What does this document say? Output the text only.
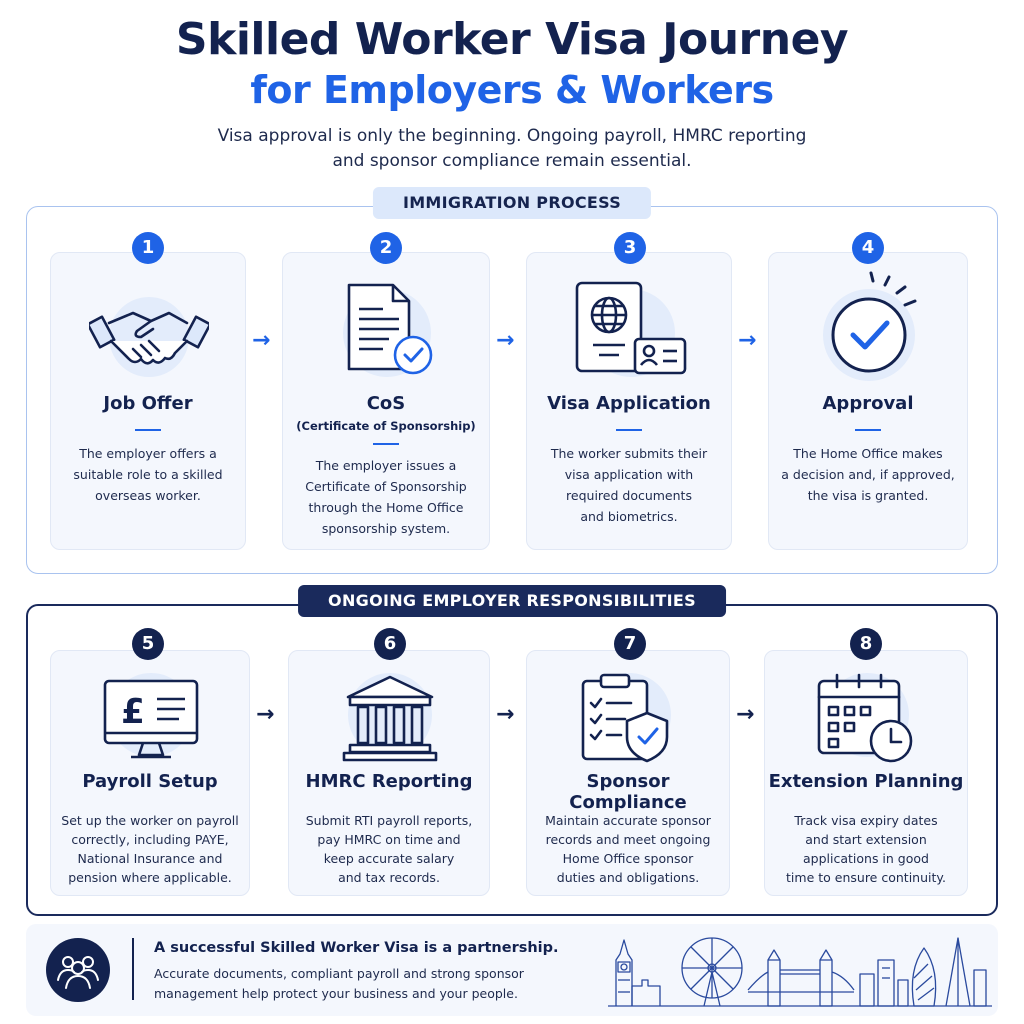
Skilled Worker Visa Journey
for Employers & Workers
Visa approval is only the beginning. Ongoing payroll, HMRC reporting
and sponsor compliance remain essential.
IMMIGRATION PROCESS
Job Offer
The employer offers a
suitable role to a skilled
overseas worker.
1
→
CoS
(Certificate of Sponsorship)
The employer issues a
Certificate of Sponsorship
through the Home Office
sponsorship system.
2
→
Visa Application
The worker submits their
visa application with
required documents
and biometrics.
3
→
Approval
The Home Office makes
a decision and, if approved,
the visa is granted.
4
ONGOING EMPLOYER RESPONSIBILITIES
£
Payroll Setup
Set up the worker on payroll
correctly, including PAYE,
National Insurance and
pension where applicable.
5
→
HMRC Reporting
Submit RTI payroll reports,
pay HMRC on time and
keep accurate salary
and tax records.
6
→
Sponsor Compliance
Maintain accurate sponsor
records and meet ongoing
Home Office sponsor
duties and obligations.
7
→
Extension Planning
Track visa expiry dates
and start extension
applications in good
time to ensure continuity.
8
A successful Skilled Worker Visa is a partnership.
Accurate documents, compliant payroll and strong sponsor
management help protect your business and your people.
